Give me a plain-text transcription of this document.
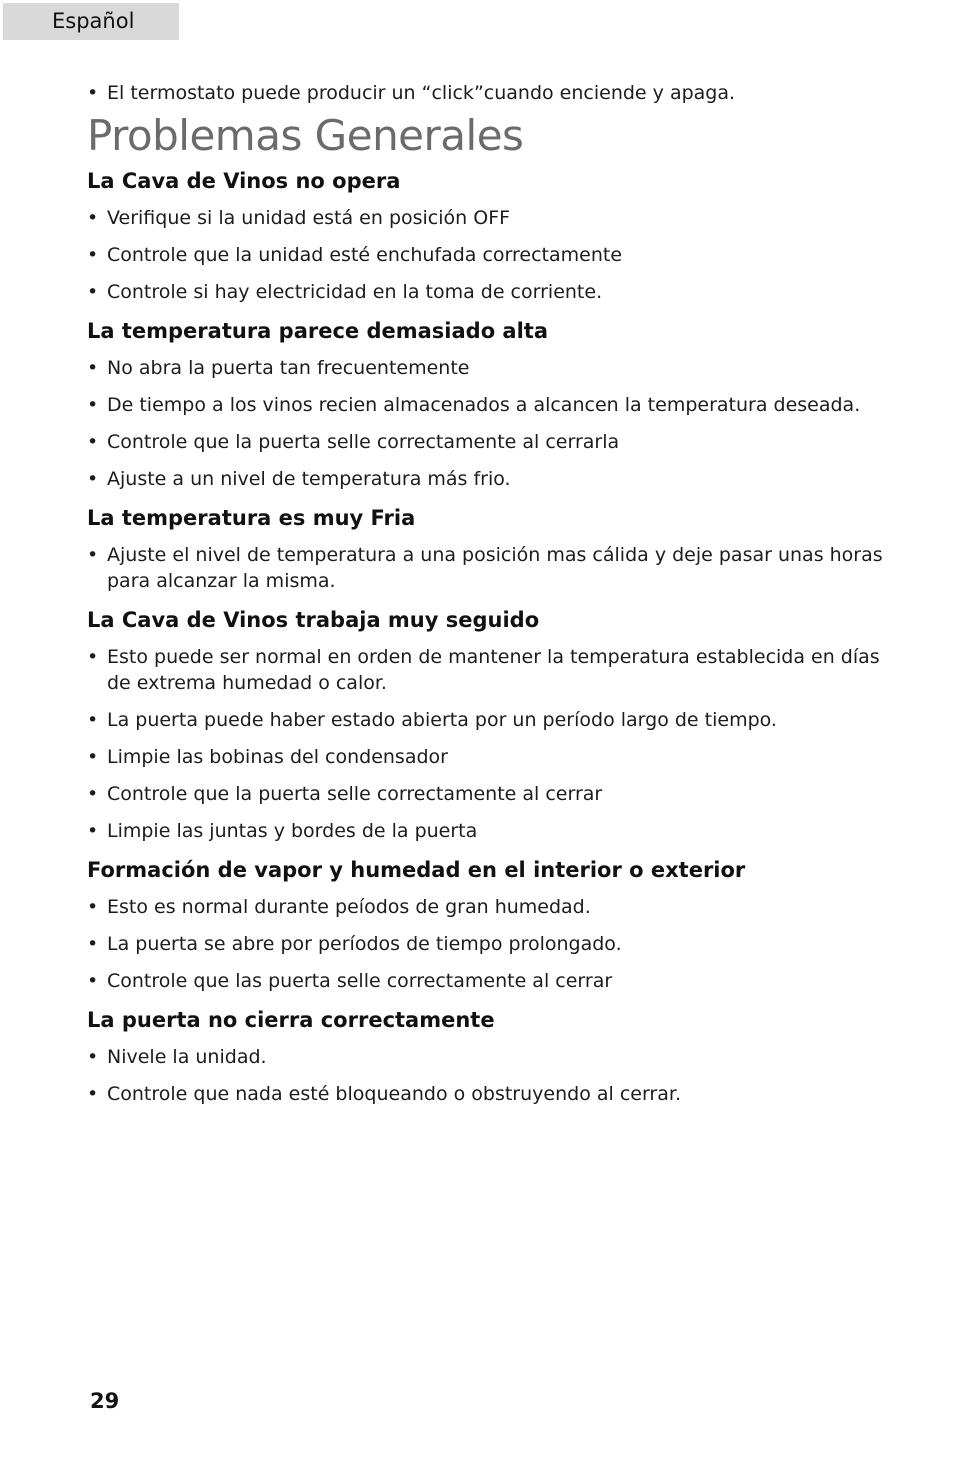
Español
• El termostato puede producir un “click”cuando enciende y apaga.
Problemas Generales
La Cava de Vinos no opera
• Verifique si la unidad está en posición OFF
• Controle que la unidad esté enchufada correctamente
• Controle si hay electricidad en la toma de corriente.
La temperatura parece demasiado alta
• No abra la puerta tan frecuentemente
• De tiempo a los vinos recien almacenados a alcancen la temperatura deseada.
• Controle que la puerta selle correctamente al cerrarla
• Ajuste a un nivel de temperatura más frio.
La temperatura es muy Fria
• Ajuste el nivel de temperatura a una posición mas cálida y deje pasar unas horas para alcanzar la misma.
La Cava de Vinos trabaja muy seguido
• Esto puede ser normal en orden de mantener la temperatura establecida en días de extrema humedad o calor.
• La puerta puede haber estado abierta por un período largo de tiempo.
• Limpie las bobinas del condensador
• Controle que la puerta selle correctamente al cerrar
• Limpie las juntas y bordes de la puerta
Formación de vapor y humedad en el interior o exterior
• Esto es normal durante peíodos de gran humedad.
• La puerta se abre por períodos de tiempo prolongado.
• Controle que las puerta selle correctamente al cerrar
La puerta no cierra correctamente
• Nivele la unidad.
• Controle que nada esté bloqueando o obstruyendo al cerrar.
29
